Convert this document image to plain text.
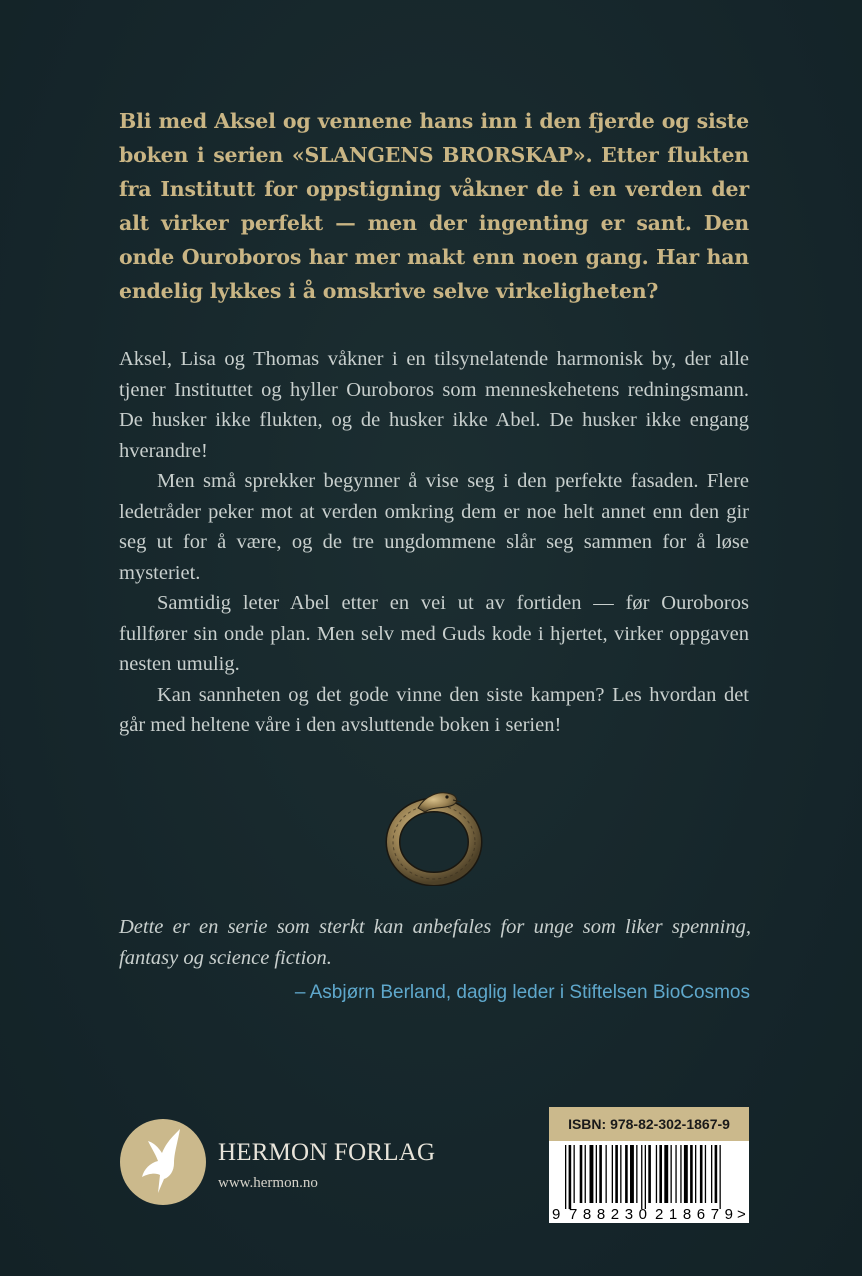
Bli med Aksel og vennene hans inn i den fjerde og siste boken i serien «SLANGENS BRORSKAP». Etter flukten fra Institutt for oppstigning våkner de i en verden der alt virker perfekt — men der ingenting er sant. Den onde Ouroboros har mer makt enn noen gang. Har han endelig lykkes i å omskrive selve virkeligheten?

Aksel, Lisa og Thomas våkner i en tilsynelatende harmonisk by, der alle tjener Instituttet og hyller Ouroboros som menneskehetens redningsmann. De husker ikke flukten, og de husker ikke Abel. De husker ikke engang hverandre!

Men små sprekker begynner å vise seg i den perfekte fasaden. Flere ledetråder peker mot at verden omkring dem er noe helt annet enn den gir seg ut for å være, og de tre ungdommene slår seg sammen for å løse mysteriet.

Samtidig leter Abel etter en vei ut av fortiden — før Ouroboros fullfører sin onde plan. Men selv med Guds kode i hjertet, virker oppgaven nesten umulig.

Kan sannheten og det gode vinne den siste kampen? Les hvordan det går med heltene våre i den avsluttende boken i serien!

Dette er en serie som sterkt kan anbefales for unge som liker spenning, fantasy og science fiction.

– Asbjørn Berland, daglig leder i Stiftelsen BioCosmos

HERMON FORLAG

www.hermon.no

ISBN: 978-82-302-1867-9
9 788230 218679 >
